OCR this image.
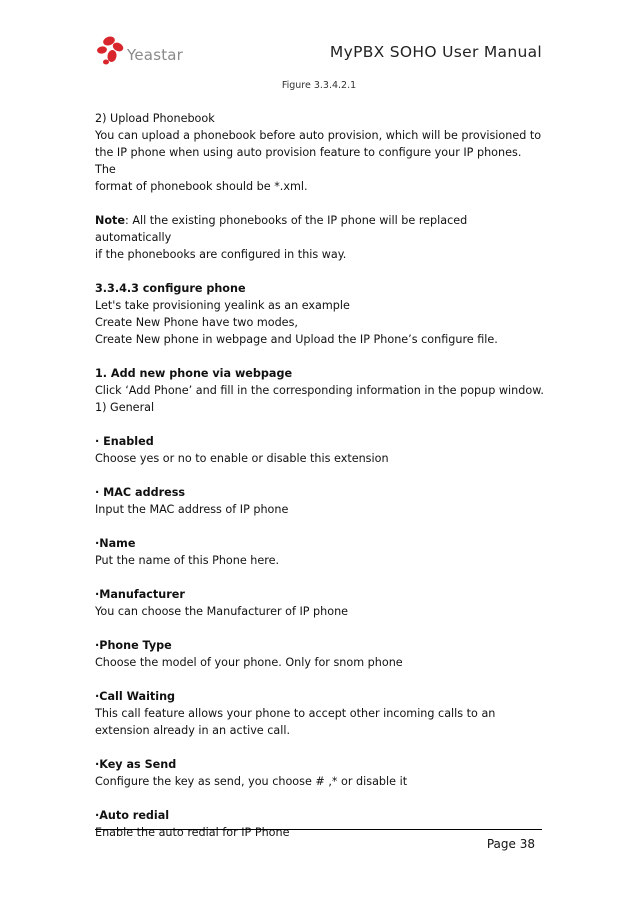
Yeastar	MyPBX SOHO User Manual
Figure 3.3.4.2.1

2) Upload Phonebook

You can upload a phonebook before auto provision, which will be provisioned to

the IP phone when using auto provision feature to configure your IP phones. The

format of phonebook should be *.xml.

Note: All the existing phonebooks of the IP phone will be replaced automatically

if the phonebooks are configured in this way.

3.3.4.3 configure phone

Let's take provisioning yealink as an example

Create New Phone have two modes,

Create New phone in webpage and Upload the IP Phone’s configure file.

1. Add new phone via webpage

Click ‘Add Phone’ and fill in the corresponding information in the popup window.

1) General

· Enabled

Choose yes or no to enable or disable this extension

· MAC address

Input the MAC address of IP phone

·Name

Put the name of this Phone here.

·Manufacturer

You can choose the Manufacturer of IP phone

·Phone Type

Choose the model of your phone. Only for snom phone

·Call Waiting

This call feature allows your phone to accept other incoming calls to an

extension already in an active call.

·Key as Send

Configure the key as send, you choose # ,* or disable it

·Auto redial

Enable the auto redial for IP Phone

Page 38
